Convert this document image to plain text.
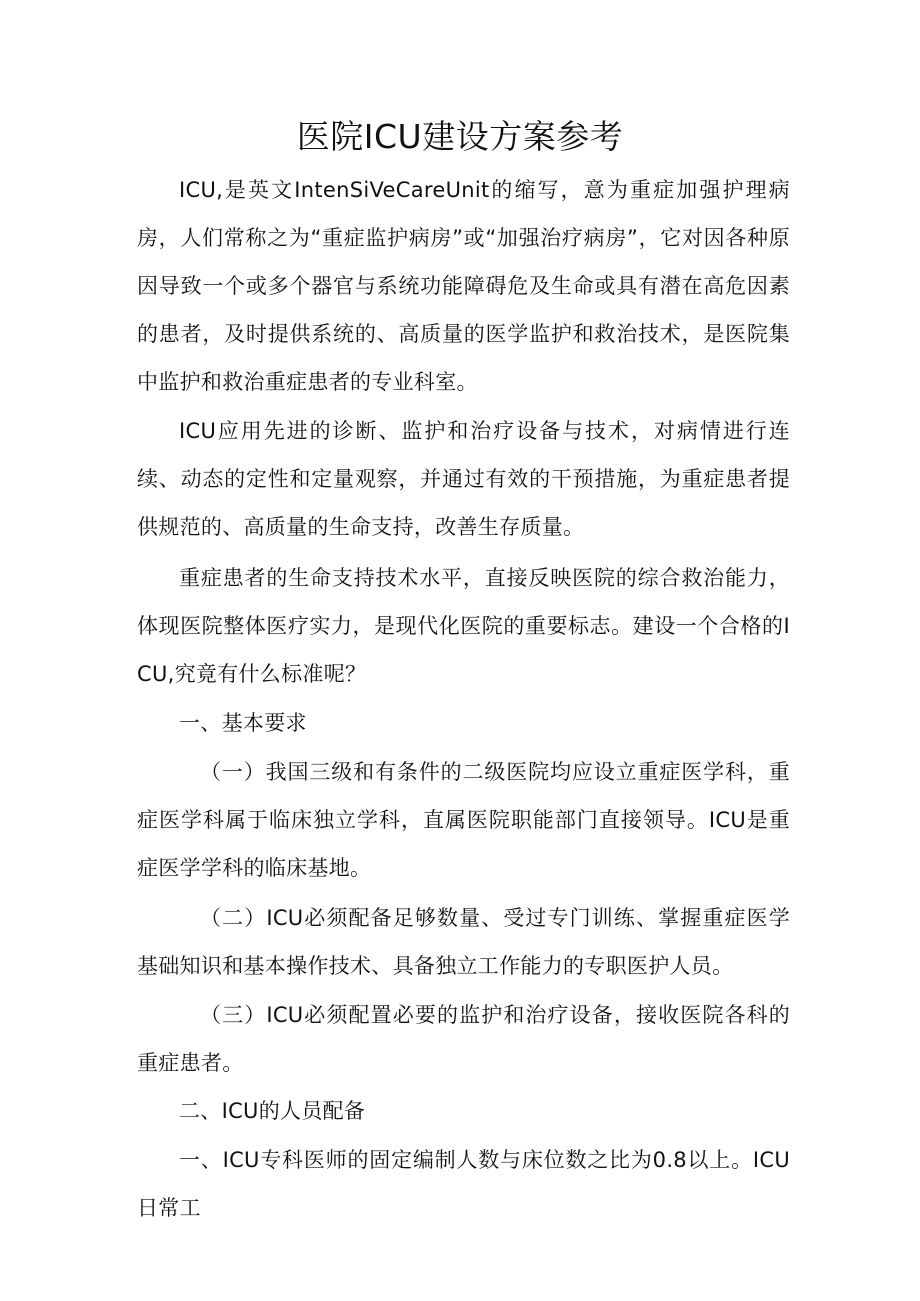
医院ICU建设方案参考

ICU,是英文IntenSiVeCareUnit的缩写，意为重症加强护理病房，人们常称之为“重症监护病房”或“加强治疗病房”，它对因各种原因导致一个或多个器官与系统功能障碍危及生命或具有潜在高危因素的患者，及时提供系统的、高质量的医学监护和救治技术，是医院集中监护和救治重症患者的专业科室。

ICU应用先进的诊断、监护和治疗设备与技术，对病情进行连续、动态的定性和定量观察，并通过有效的干预措施，为重症患者提供规范的、高质量的生命支持，改善生存质量。

重症患者的生命支持技术水平，直接反映医院的综合救治能力，体现医院整体医疗实力，是现代化医院的重要标志。建设一个合格的ICU,究竟有什么标准呢？

一、基本要求

（一）我国三级和有条件的二级医院均应设立重症医学科，重症医学科属于临床独立学科，直属医院职能部门直接领导。ICU是重症医学学科的临床基地。

（二）ICU必须配备足够数量、受过专门训练、掌握重症医学基础知识和基本操作技术、具备独立工作能力的专职医护人员。

（三）ICU必须配置必要的监护和治疗设备，接收医院各科的重症患者。

二、ICU的人员配备

一、ICU专科医师的固定编制人数与床位数之比为0.8以上。ICU日常工
